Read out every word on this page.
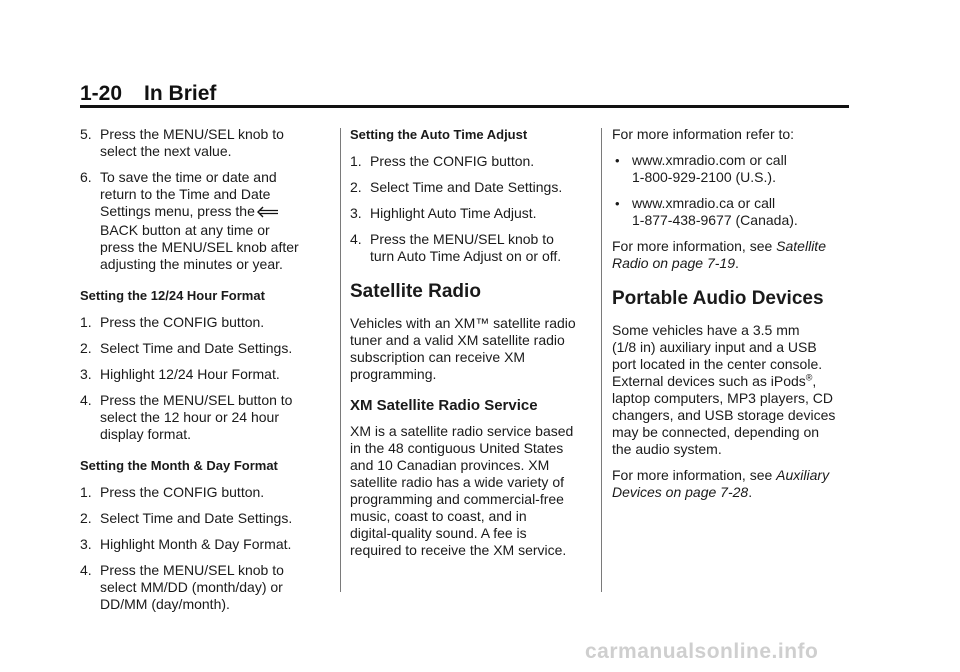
1-20 In Brief
5. Press the MENU/SEL knob to
select the next value.
6. To save the time or date and
return to the Time and Date
Settings menu, press the
BACK button at any time or
press the MENU/SEL knob after
adjusting the minutes or year.
Setting the 12/24 Hour Format
1. Press the CONFIG button.
2. Select Time and Date Settings.
3. Highlight 12/24 Hour Format.
4. Press the MENU/SEL button to
select the 12 hour or 24 hour
display format.
Setting the Month & Day Format
1. Press the CONFIG button.
2. Select Time and Date Settings.
3. Highlight Month & Day Format.
4. Press the MENU/SEL knob to
select MM/DD (month/day) or
DD/MM (day/month).
Setting the Auto Time Adjust
1. Press the CONFIG button.
2. Select Time and Date Settings.
3. Highlight Auto Time Adjust.
4. Press the MENU/SEL knob to
turn Auto Time Adjust on or off.
Satellite Radio
Vehicles with an XM™ satellite radio
tuner and a valid XM satellite radio
subscription can receive XM
programming.
XM Satellite Radio Service
XM is a satellite radio service based
in the 48 contiguous United States
and 10 Canadian provinces. XM
satellite radio has a wide variety of
programming and commercial-free
music, coast to coast, and in
digital-quality sound. A fee is
required to receive the XM service.
For more information refer to:
• www.xmradio.com or call
1-800-929-2100 (U.S.).
• www.xmradio.ca or call
1-877-438-9677 (Canada).
For more information, see Satellite
Radio on page 7-19.
Portable Audio Devices
Some vehicles have a 3.5 mm
(1/8 in) auxiliary input and a USB
port located in the center console.
External devices such as iPods®,
laptop computers, MP3 players, CD
changers, and USB storage devices
may be connected, depending on
the audio system.
For more information, see Auxiliary
Devices on page 7-28.
carmanualsonline.info
